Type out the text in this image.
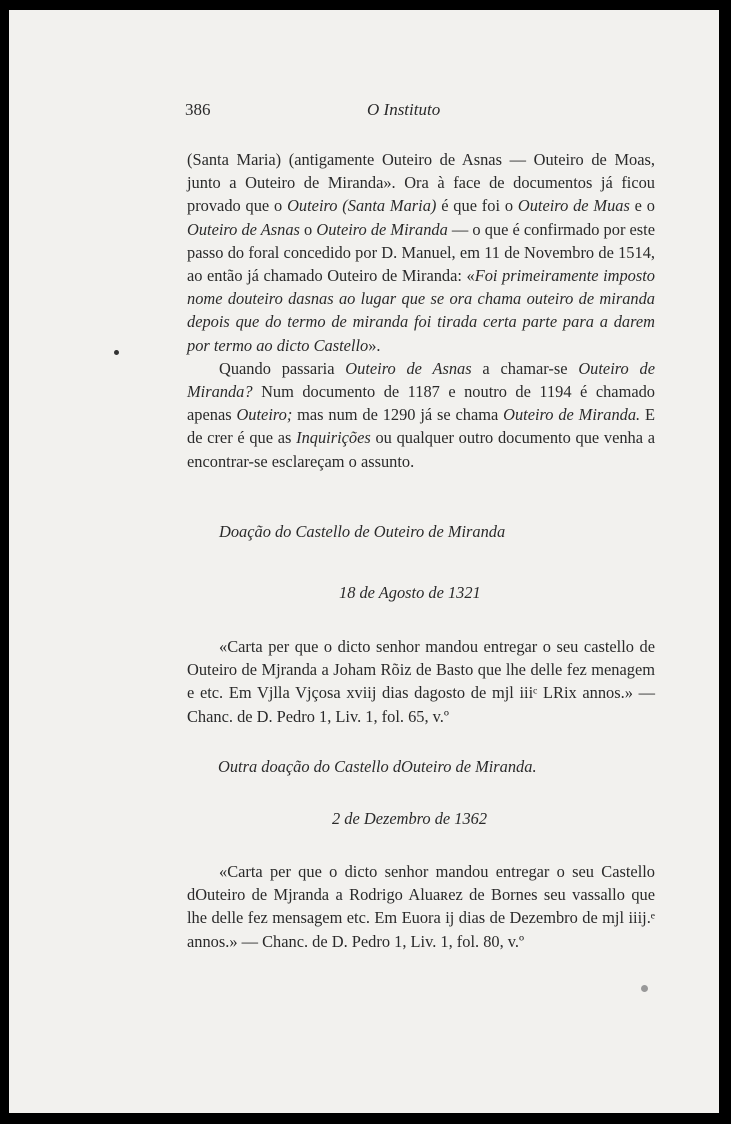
386	O Instituto

(Santa Maria) (antigamente Outeiro de Asnas — Outeiro de Moas, junto a Outeiro de Miranda». Ora à face de documentos já ficou provado que o Outeiro (Santa Maria) é que foi o Outeiro de Muas e o Outeiro de Asnas o Outeiro de Miranda — o que é confirmado por este passo do foral concedido por D. Manuel, em 11 de Novembro de 1514, ao então já chamado Outeiro de Miranda: «Foi primeiramente imposto nome douteiro dasnas ao lugar que se ora chama outeiro de miranda depois que do termo de miranda foi tirada certa parte para a darem por termo ao dicto Castello».

Quando passaria Outeiro de Asnas a chamar-se Outeiro de Miranda? Num documento de 1187 e noutro de 1194 é chamado apenas Outeiro; mas num de 1290 já se chama Outeiro de Miranda. E de crer é que as Inquirições ou qualquer outro documento que venha a encontrar-se esclareçam o assunto.

Doação do Castello de Outeiro de Miranda
18 de Agosto de 1321

«Carta per que o dicto senhor mandou entregar o seu castello de Outeiro de Mjranda a Joham Rõiz de Basto que lhe delle fez menagem e etc. Em Vjlla Vjçosa xviij dias dagosto de mjl iiiᶜ LRix annos.» — Chanc. de D. Pedro 1, Liv. 1, fol. 65, v.º

Outra doação do Castello dOuteiro de Miranda.
2 de Dezembro de 1362

«Carta per que o dicto senhor mandou entregar o seu Castello dOuteiro de Mjranda a Rodrigo Aluaʀez de Bornes seu vassallo que lhe delle fez mensagem etc. Em Euora ij dias de Dezembro de mjl iiij.ᵉ annos.» — Chanc. de D. Pedro 1, Liv. 1, fol. 80, v.º
